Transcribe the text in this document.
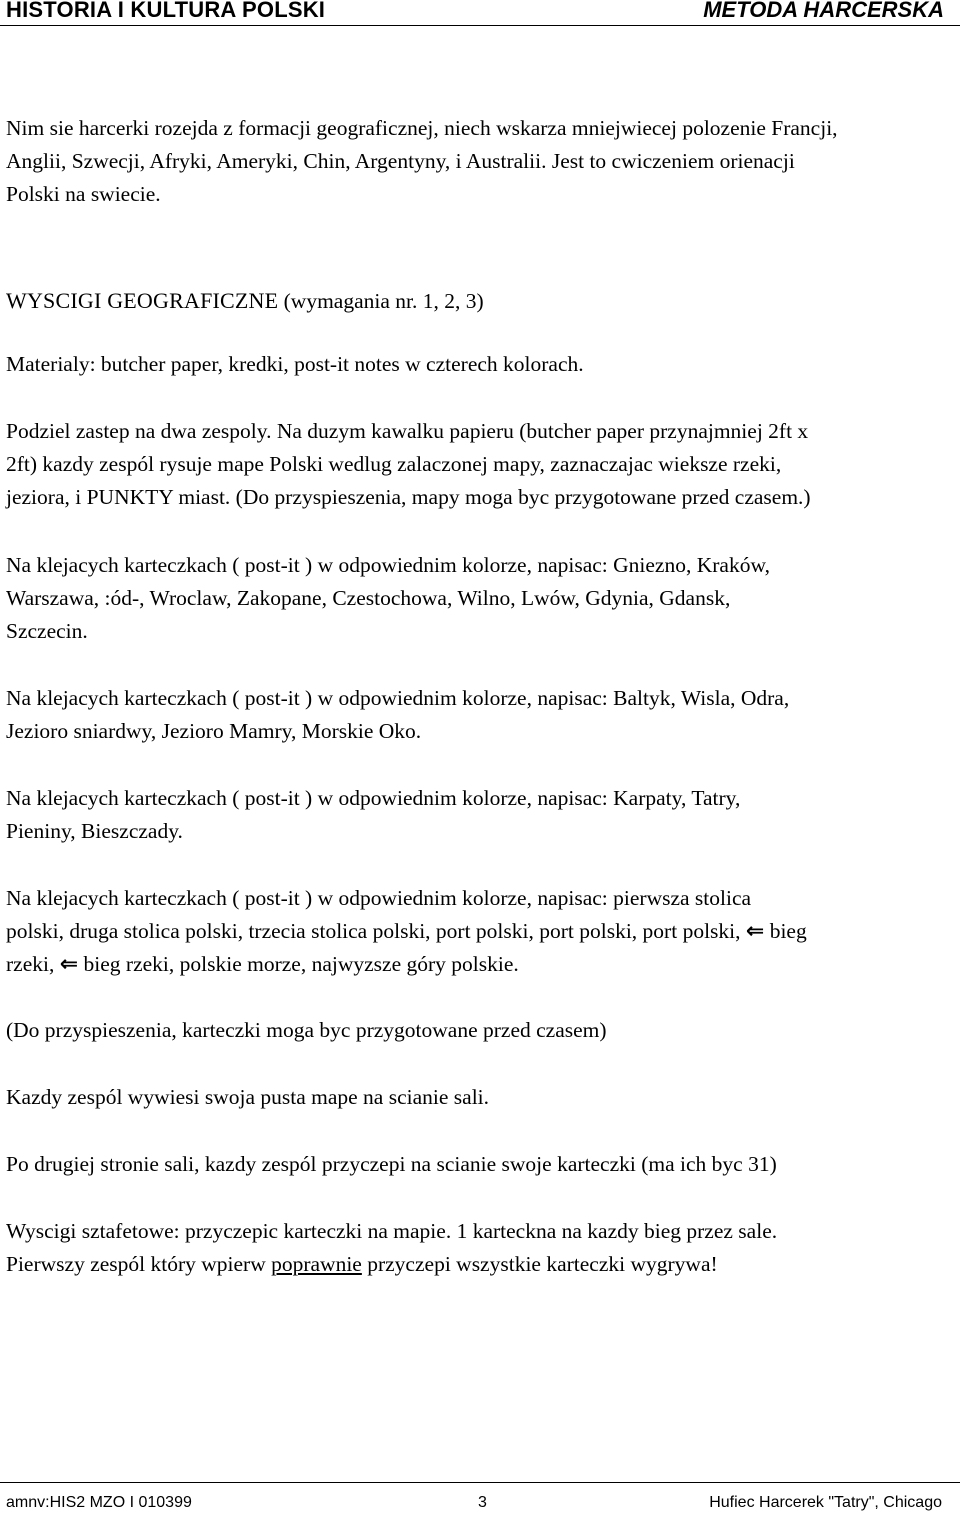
HISTORIA I KULTURA POLSKI	METODA HARCERSKA
Nim sie harcerki rozejda z formacji geograficznej, niech wskarza mniejwiecej polozenie Francji,
Anglii, Szwecji, Afryki, Ameryki, Chin, Argentyny, i Australii. Jest to cwiczeniem orienacji
Polski na swiecie.
WYSCIGI GEOGRAFICZNE (wymagania nr. 1, 2, 3)
Materialy: butcher paper, kredki, post-it notes w czterech kolorach.
Podziel zastep na dwa zespoly. Na duzym kawalku papieru (butcher paper przynajmniej 2ft x
2ft) kazdy zespól rysuje mape Polski wedlug zalaczonej mapy, zaznaczajac wieksze rzeki,
jeziora, i PUNKTY miast. (Do przyspieszenia, mapy moga byc przygotowane przed czasem.)
Na klejacych karteczkach ( post-it ) w odpowiednim kolorze, napisac: Gniezno, Kraków,
Warszawa, :ód-, Wroclaw, Zakopane, Czestochowa, Wilno, Lwów, Gdynia, Gdansk,
Szczecin.
Na klejacych karteczkach ( post-it ) w odpowiednim kolorze, napisac: Baltyk, Wisla, Odra,
Jezioro sniardwy, Jezioro Mamry, Morskie Oko.
Na klejacych karteczkach ( post-it ) w odpowiednim kolorze, napisac: Karpaty, Tatry,
Pieniny, Bieszczady.
Na klejacych karteczkach ( post-it ) w odpowiednim kolorze, napisac: pierwsza stolica
polski, druga stolica polski, trzecia stolica polski, port polski, port polski, port polski, ⇐ bieg
rzeki, ⇐ bieg rzeki, polskie morze, najwyzsze góry polskie.
(Do przyspieszenia, karteczki moga byc przygotowane przed czasem)
Kazdy zespól wywiesi swoja pusta mape na scianie sali.
Po drugiej stronie sali, kazdy zespól przyczepi na scianie swoje karteczki (ma ich byc 31)
Wyscigi sztafetowe: przyczepic karteczki na mapie. 1 karteckna na kazdy bieg przez sale.
Pierwszy zespól który wpierw poprawnie przyczepi wszystkie karteczki wygrywa!
amnv:HIS2 MZO I 010399	3	Hufiec Harcerek "Tatry", Chicago
